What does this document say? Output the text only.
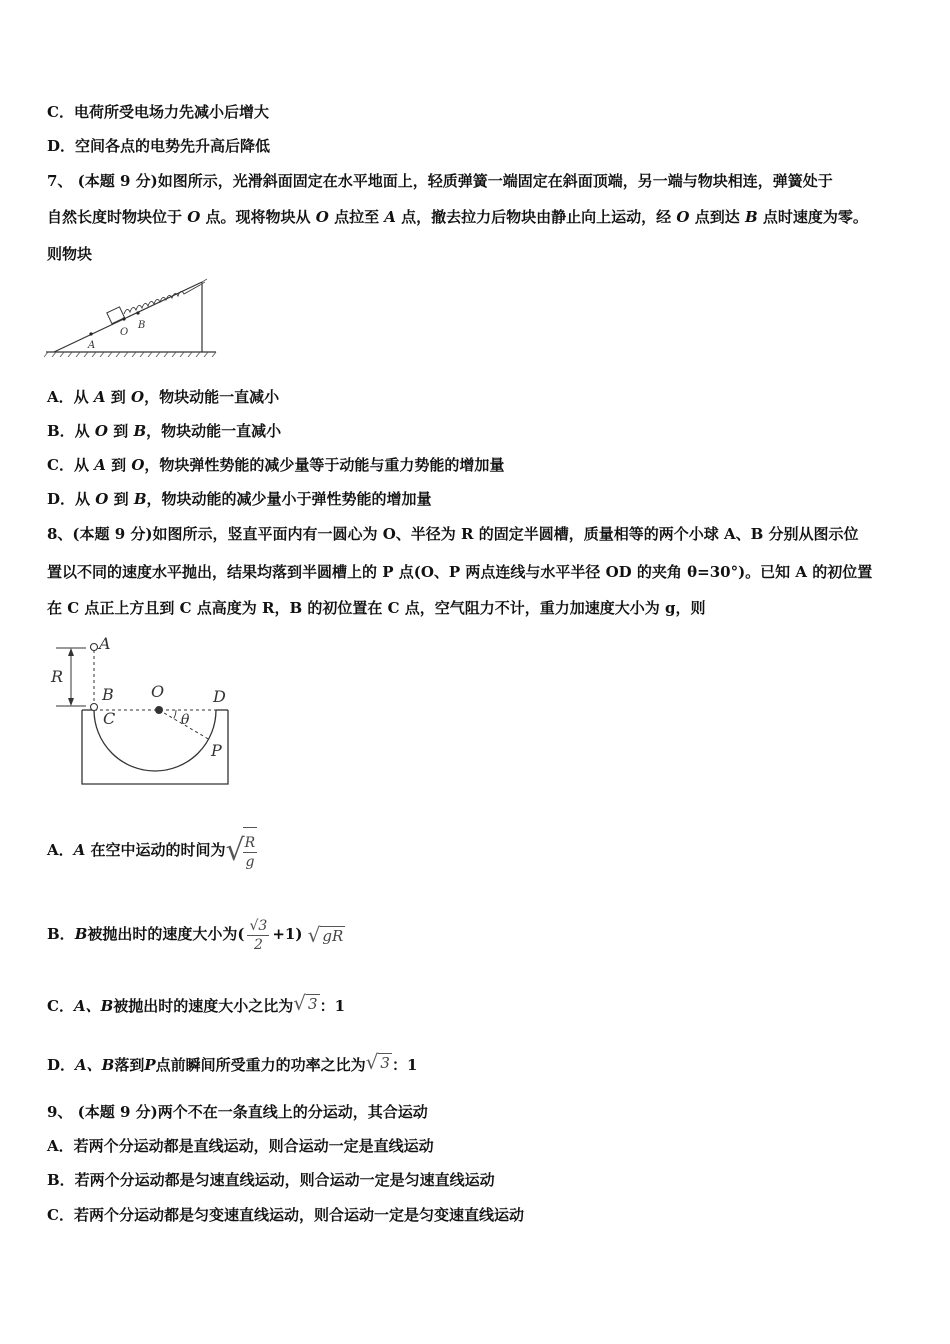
C．电荷所受电场力先减小后增大
D．空间各点的电势先升高后降低
7、 (本题 9 分)如图所示，光滑斜面固定在水平地面上，轻质弹簧一端固定在斜面顶端，另一端与物块相连，弹簧处于
自然长度时物块位于 O 点。现将物块从 O 点拉至 A 点，撤去拉力后物块由静止向上运动，经 O 点到达 B 点时速度为零。
则物块
A
O
B
A．从 A 到 O，物块动能一直减小
B．从 O 到 B，物块动能一直减小
C．从 A 到 O，物块弹性势能的减少量等于动能与重力势能的增加量
D．从 O 到 B，物块动能的减少量小于弹性势能的增加量
8、(本题 9 分)如图所示，竖直平面内有一圆心为 O、半径为 R 的固定半圆槽，质量相等的两个小球 A、B 分别从图示位
置以不同的速度水平抛出，结果均落到半圆槽上的 P 点(O、P 两点连线与水平半径 OD 的夹角 θ=30°)。已知 A 的初位置
在 C 点正上方且到 C 点高度为 R，B 的初位置在 C 点，空气阻力不计，重力加速度大小为 g，则
A
R
B
C
O	D
P
θ
A．A 在空中运动的时间为√
$\frac{R}{g}$
B．B被抛出时的速度大小为( $\frac{√3}{2} +1$) √ gR
C．A、B被抛出时的速度大小之比为√ 3 ：1
D．A、B落到P点前瞬间所受重力的功率之比为√ 3 ：1
9、 (本题 9 分)两个不在一条直线上的分运动，其合运动
A．若两个分运动都是直线运动，则合运动一定是直线运动
B．若两个分运动都是匀速直线运动，则合运动一定是匀速直线运动
C．若两个分运动都是匀变速直线运动，则合运动一定是匀变速直线运动
